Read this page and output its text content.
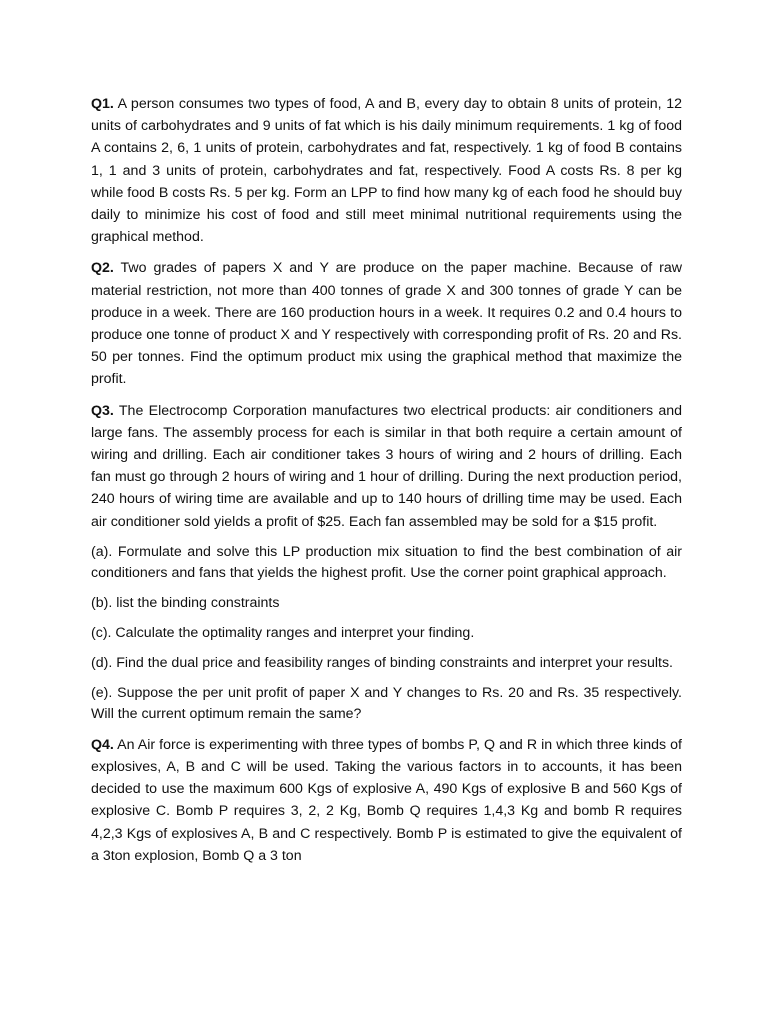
Q1. A person consumes two types of food, A and B, every day to obtain 8 units of protein, 12 units of carbohydrates and 9 units of fat which is his daily minimum requirements. 1 kg of food A contains 2, 6, 1 units of protein, carbohydrates and fat, respectively. 1 kg of food B contains 1, 1 and 3 units of protein, carbohydrates and fat, respectively. Food A costs Rs. 8 per kg while food B costs Rs. 5 per kg. Form an LPP to find how many kg of each food he should buy daily to minimize his cost of food and still meet minimal nutritional requirements using the graphical method.

Q2. Two grades of papers X and Y are produce on the paper machine. Because of raw material restriction, not more than 400 tonnes of grade X and 300 tonnes of grade Y can be produce in a week. There are 160 production hours in a week. It requires 0.2 and 0.4 hours to produce one tonne of product X and Y respectively with corresponding profit of Rs. 20 and Rs. 50 per tonnes. Find the optimum product mix using the graphical method that maximize the profit.

Q3. The Electrocomp Corporation manufactures two electrical products: air conditioners and large fans. The assembly process for each is similar in that both require a certain amount of wiring and drilling. Each air conditioner takes 3 hours of wiring and 2 hours of drilling. Each fan must go through 2 hours of wiring and 1 hour of drilling. During the next production period, 240 hours of wiring time are available and up to 140 hours of drilling time may be used. Each air conditioner sold yields a profit of $25. Each fan assembled may be sold for a $15 profit.

(a). Formulate and solve this LP production mix situation to find the best combination of air conditioners and fans that yields the highest profit. Use the corner point graphical approach.

(b). list the binding constraints

(c). Calculate the optimality ranges and interpret your finding.

(d). Find the dual price and feasibility ranges of binding constraints and interpret your results.

(e). Suppose the per unit profit of paper X and Y changes to Rs. 20 and Rs. 35 respectively. Will the current optimum remain the same?

Q4. An Air force is experimenting with three types of bombs P, Q and R in which three kinds of explosives, A, B and C will be used. Taking the various factors in to accounts, it has been decided to use the maximum 600 Kgs of explosive A, 490 Kgs of explosive B and 560 Kgs of explosive C. Bomb P requires 3, 2, 2 Kg, Bomb Q requires 1,4,3 Kg and bomb R requires 4,2,3 Kgs of explosives A, B and C respectively. Bomb P is estimated to give the equivalent of a 3ton explosion, Bomb Q a 3 ton
